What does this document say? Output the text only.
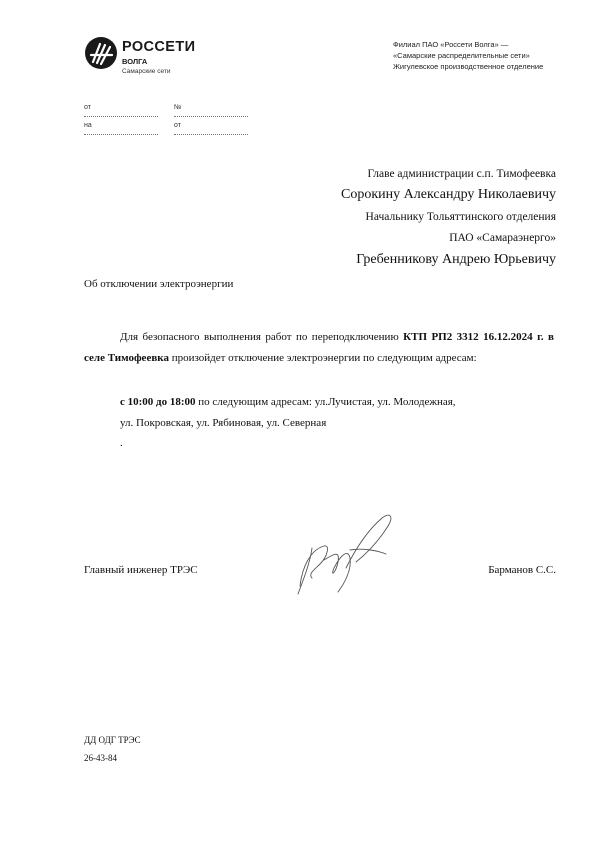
РОССЕТИ
ВОЛГА
Самарские сети
Филиал ПАО «Россети Волга» —
«Самарские распределительные сети»
Жигулевское производственное отделение
от	№
на	от
Главе администрации с.п. Тимофеевка
Сорокину Александру Николаевичу
Начальнику Тольяттинского отделения
ПАО «Самараэнерго»
Гребенникову Андрею Юрьевичу
Об отключении электроэнергии
Для безопасного выполнения работ по переподключению КТП РП2 3312 16.12.2024 г. в селе Тимофеевка произойдет отключение электроэнергии по следующим адресам:
с 10:00 до 18:00 по следующим адресам: ул.Лучистая, ул. Молодежная,
ул. Покровская, ул. Рябиновая, ул. Северная
.
Главный инженер ТРЭС	Барманов С.С.
ДД ОДГ ТРЭС
26-43-84
